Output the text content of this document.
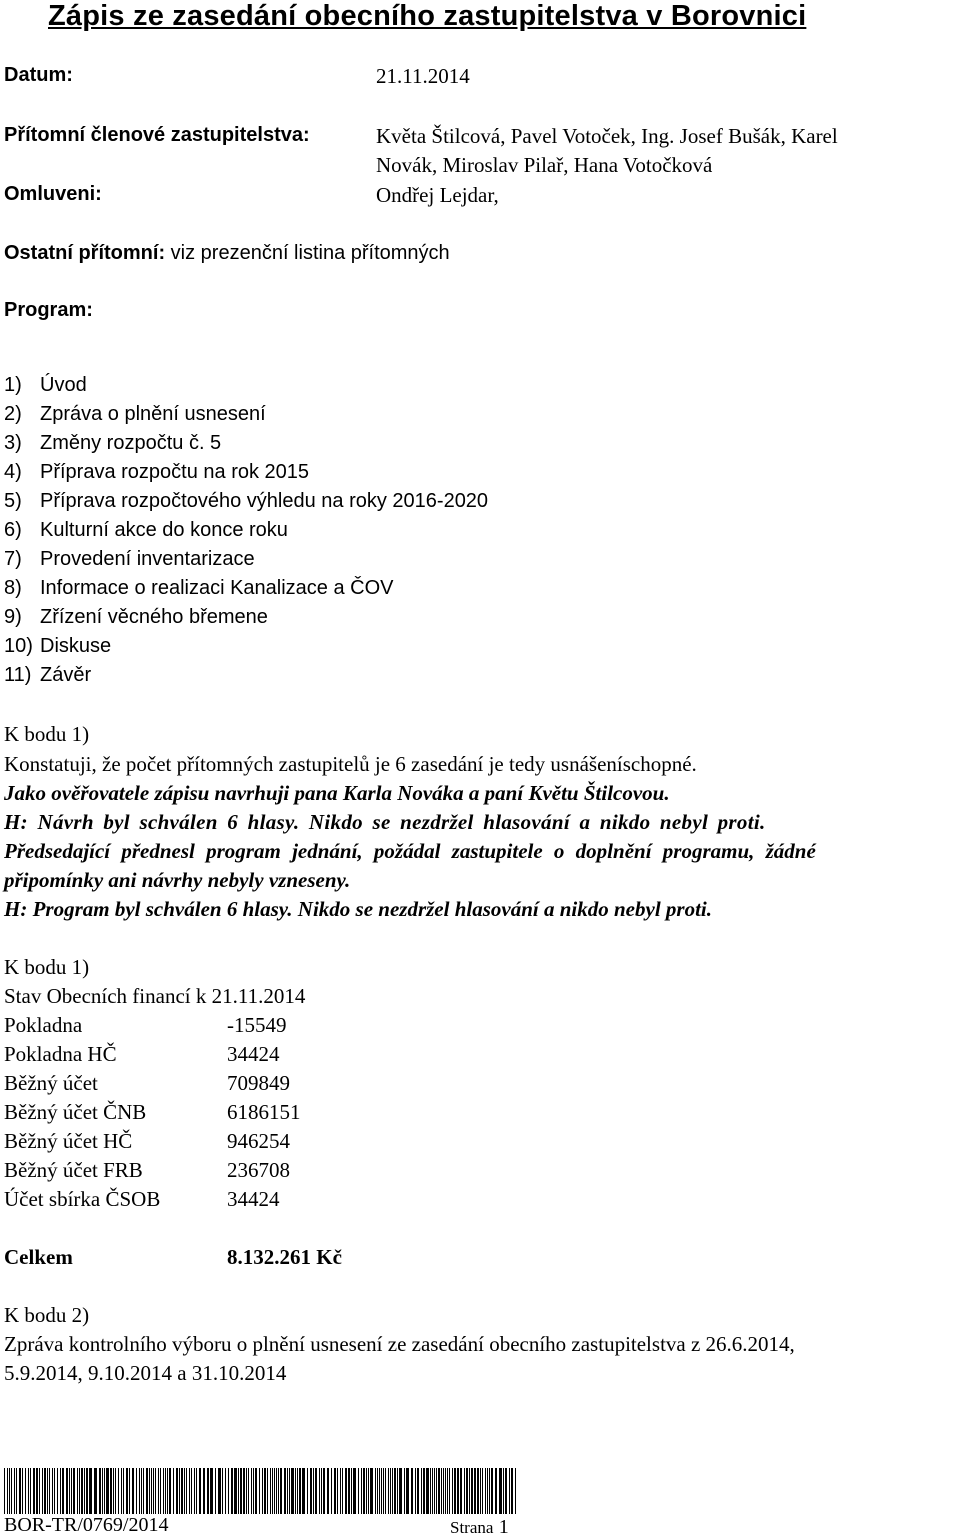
Zápis ze zasedání obecního zastupitelstva v Borovnici
Datum:	21.11.2014
Přítomní členové zastupitelstva:	Květa Štilcová, Pavel Votoček, Ing. Josef Bušák, Karel
Novák, Miroslav Pilař, Hana Votočková
Omluveni:	Ondřej Lejdar,
Ostatní přítomní: viz prezenční listina přítomných
Program:
1) Úvod
2) Zpráva o plnění usnesení
3) Změny rozpočtu č. 5
4) Příprava rozpočtu na rok 2015
5) Příprava rozpočtového výhledu na roky 2016-2020
6) Kulturní akce do konce roku
7) Provedení inventarizace
8) Informace o realizaci Kanalizace a ČOV
9) Zřízení věcného břemene
10) Diskuse
11) Závěr
K bodu 1)
Konstatuji, že počet přítomných zastupitelů je 6 zasedání je tedy usnášeníschopné.
Jako ověřovatele zápisu navrhuji pana Karla Nováka a paní Květu Štilcovou.
H: Návrh byl schválen 6 hlasy. Nikdo se nezdržel hlasování a nikdo nebyl proti.
Předsedající přednesl program jednání, požádal zastupitele o doplnění programu, žádné
připomínky ani návrhy nebyly vzneseny.
H: Program byl schválen 6 hlasy. Nikdo se nezdržel hlasování a nikdo nebyl proti.
K bodu 1)
Stav Obecních financí k 21.11.2014
Pokladna	-15549
Pokladna HČ	34424
Běžný účet	709849
Běžný účet ČNB	6186151
Běžný účet HČ	946254
Běžný účet FRB	236708
Účet sbírka ČSOB	34424
Celkem	8.132.261 Kč
K bodu 2)
Zpráva kontrolního výboru o plnění usnesení ze zasedání obecního zastupitelstva z 26.6.2014,
5.9.2014, 9.10.2014 a 31.10.2014
BOR-TR/0769/2014	Strana 1
